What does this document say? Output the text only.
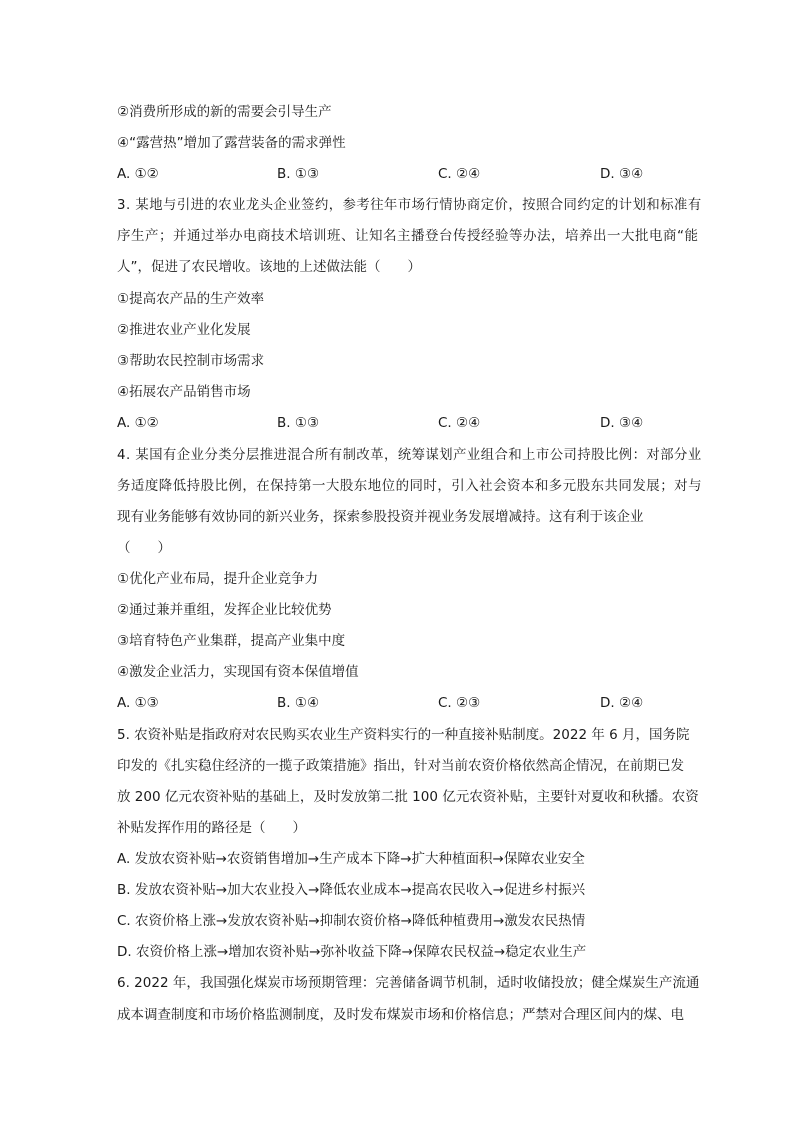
②消费所形成的新的需要会引导生产
④“露营热”增加了露营装备的需求弹性
A. ①②	B. ①③	C. ②④	D. ③④
3. 某地与引进的农业龙头企业签约，参考往年市场行情协商定价，按照合同约定的计划和标准有
序生产；并通过举办电商技术培训班、让知名主播登台传授经验等办法，培养出一大批电商“能
人”，促进了农民增收。该地的上述做法能（　　）
①提高农产品的生产效率
②推进农业产业化发展
③帮助农民控制市场需求
④拓展农产品销售市场
A. ①②	B. ①③	C. ②④	D. ③④
4. 某国有企业分类分层推进混合所有制改革，统筹谋划产业组合和上市公司持股比例：对部分业
务适度降低持股比例，在保持第一大股东地位的同时，引入社会资本和多元股东共同发展；对与
现有业务能够有效协同的新兴业务，探索参股投资并视业务发展增减持。这有利于该企业
（　　）
①优化产业布局，提升企业竞争力
②通过兼并重组，发挥企业比较优势
③培育特色产业集群，提高产业集中度
④激发企业活力，实现国有资本保值增值
A. ①③	B. ①④	C. ②③	D. ②④
5. 农资补贴是指政府对农民购买农业生产资料实行的一种直接补贴制度。2022 年 6 月，国务院
印发的《扎实稳住经济的一揽子政策措施》指出，针对当前农资价格依然高企情况，在前期已发
放 200 亿元农资补贴的基础上，及时发放第二批 100 亿元农资补贴，主要针对夏收和秋播。农资
补贴发挥作用的路径是（　　）
A. 发放农资补贴→农资销售增加→生产成本下降→扩大种植面积→保障农业安全
B. 发放农资补贴→加大农业投入→降低农业成本→提高农民收入→促进乡村振兴
C. 农资价格上涨→发放农资补贴→抑制农资价格→降低种植费用→激发农民热情
D. 农资价格上涨→增加农资补贴→弥补收益下降→保障农民权益→稳定农业生产
6. 2022 年，我国强化煤炭市场预期管理：完善储备调节机制，适时收储投放；健全煤炭生产流通
成本调查制度和市场价格监测制度，及时发布煤炭市场和价格信息；严禁对合理区间内的煤、电
